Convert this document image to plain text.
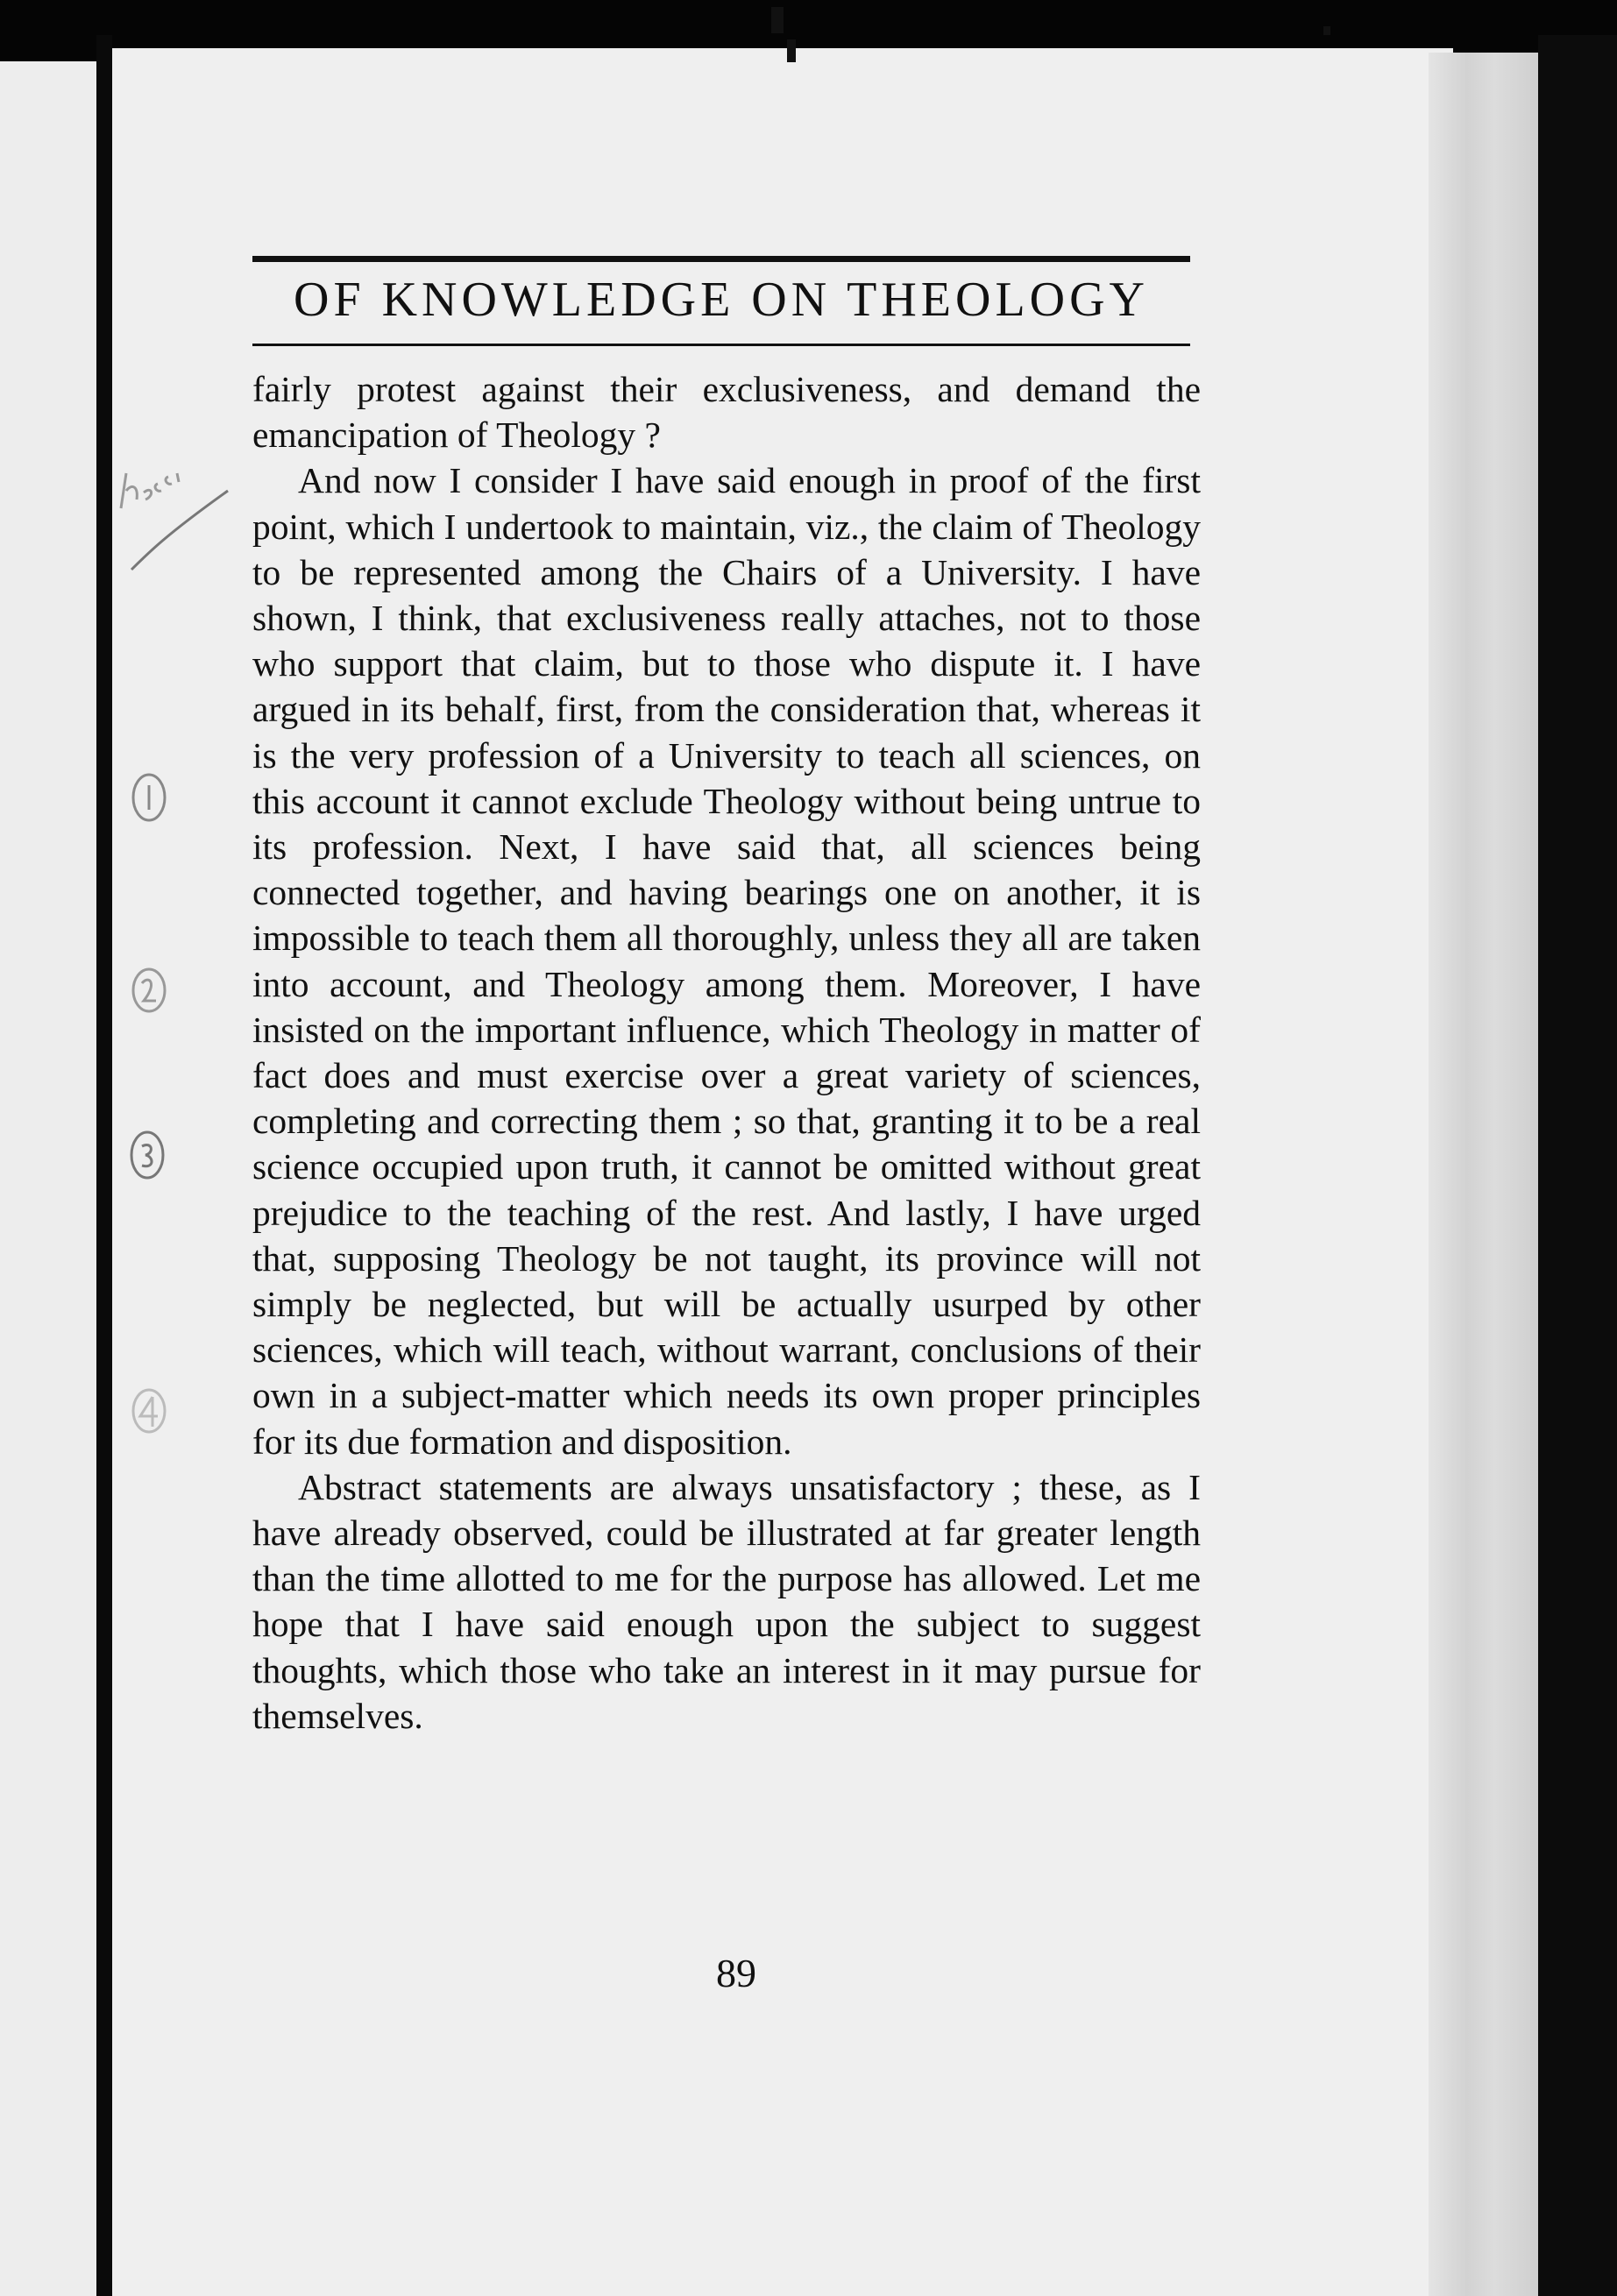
OF KNOWLEDGE ON THEOLOGY

fairly protest against their exclusiveness, and demand the emancipation of Theology ?

And now I consider I have said enough in proof of the first point, which I undertook to maintain, viz., the claim of Theology to be represented among the Chairs of a University. I have shown, I think, that exclusiveness really attaches, not to those who support that claim, but to those who dispute it. I have argued in its behalf, first, from the consideration that, whereas it is the very profession of a University to teach all sciences, on this account it cannot exclude Theology without being untrue to its profession. Next, I have said that, all sciences being connected together, and having bearings one on another, it is impossible to teach them all thoroughly, unless they all are taken into account, and Theology among them. Moreover, I have insisted on the important influence, which Theology in matter of fact does and must exercise over a great variety of sciences, completing and correcting them ; so that, granting it to be a real science occupied upon truth, it cannot be omitted without great prejudice to the teaching of the rest. And lastly, I have urged that, supposing Theology be not taught, its province will not simply be neglected, but will be actually usurped by other sciences, which will teach, without warrant, conclusions of their own in a subject-matter which needs its own proper principles for its due formation and disposition.

Abstract statements are always unsatisfactory ; these, as I have already observed, could be illustrated at far greater length than the time allotted to me for the purpose has allowed. Let me hope that I have said enough upon the subject to suggest thoughts, which those who take an interest in it may pursue for themselves.

89
